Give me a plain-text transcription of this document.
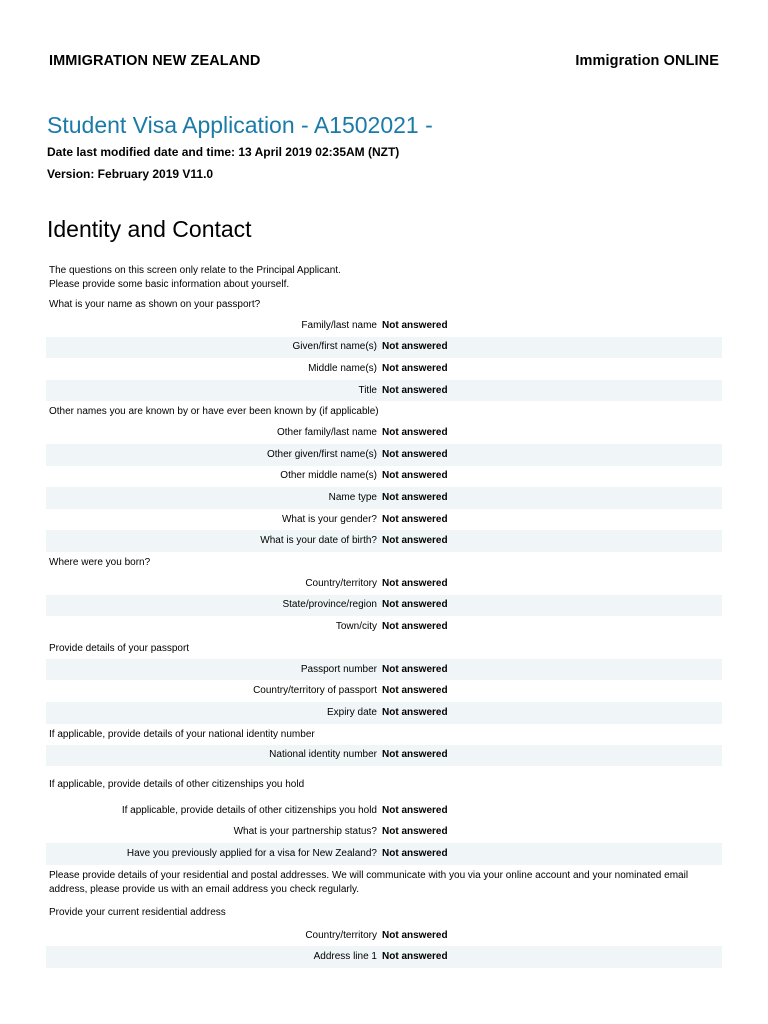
IMMIGRATION NEW ZEALAND	Immigration ONLINE
Student Visa Application - A1502021 -
Date last modified date and time: 13 April 2019 02:35AM (NZT)
Version: February 2019 V11.0
Identity and Contact
The questions on this screen only relate to the Principal Applicant.
Please provide some basic information about yourself.
What is your name as shown on your passport?
Family/last name Not answered
Given/first name(s) Not answered
Middle name(s) Not answered
Title Not answered
Other names you are known by or have ever been known by (if applicable)
Other family/last name Not answered
Other given/first name(s) Not answered
Other middle name(s) Not answered
Name type Not answered
What is your gender? Not answered
What is your date of birth? Not answered
Where were you born?
Country/territory Not answered
State/province/region Not answered
Town/city Not answered
Provide details of your passport
Passport number Not answered
Country/territory of passport Not answered
Expiry date Not answered
If applicable, provide details of your national identity number
National identity number Not answered
If applicable, provide details of other citizenships you hold
If applicable, provide details of other citizenships you hold Not answered
What is your partnership status? Not answered
Have you previously applied for a visa for New Zealand? Not answered
Please provide details of your residential and postal addresses. We will communicate with you via your online account and your nominated email address, please provide us with an email address you check regularly.
Provide your current residential address
Country/territory Not answered
Address line 1 Not answered
